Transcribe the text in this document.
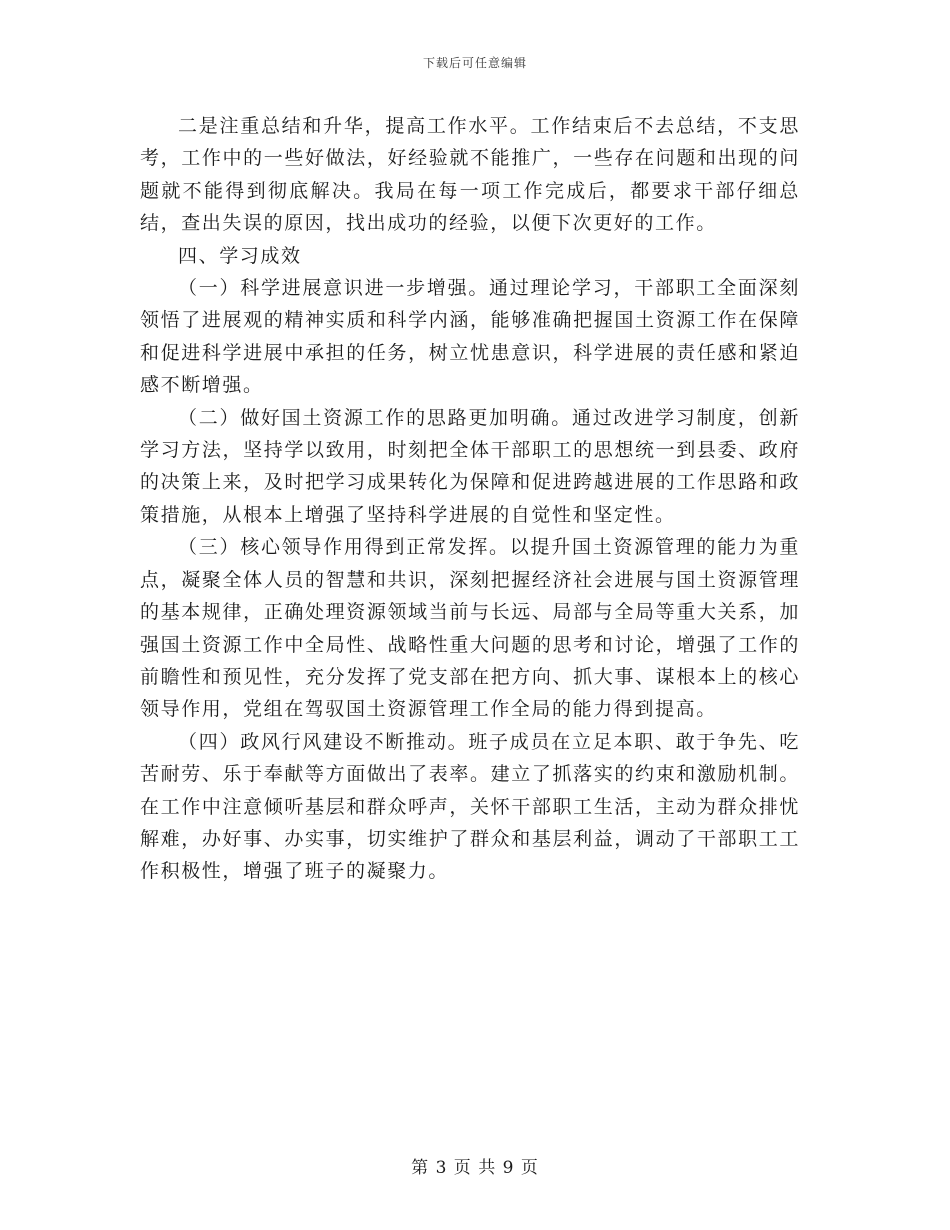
下载后可任意编辑

二是注重总结和升华，提高工作水平。工作结束后不去总结，不支思考，工作中的一些好做法，好经验就不能推广，一些存在问题和出现的问题就不能得到彻底解决。我局在每一项工作完成后，都要求干部仔细总结，查出失误的原因，找出成功的经验，以便下次更好的工作。

四、学习成效

（一）科学进展意识进一步增强。通过理论学习，干部职工全面深刻领悟了进展观的精神实质和科学内涵，能够准确把握国土资源工作在保障和促进科学进展中承担的任务，树立忧患意识，科学进展的责任感和紧迫感不断增强。

（二）做好国土资源工作的思路更加明确。通过改进学习制度，创新学习方法，坚持学以致用，时刻把全体干部职工的思想统一到县委、政府的决策上来，及时把学习成果转化为保障和促进跨越进展的工作思路和政策措施，从根本上增强了坚持科学进展的自觉性和坚定性。

（三）核心领导作用得到正常发挥。以提升国土资源管理的能力为重点，凝聚全体人员的智慧和共识，深刻把握经济社会进展与国土资源管理的基本规律，正确处理资源领域当前与长远、局部与全局等重大关系，加强国土资源工作中全局性、战略性重大问题的思考和讨论，增强了工作的前瞻性和预见性，充分发挥了党支部在把方向、抓大事、谋根本上的核心领导作用，党组在驾驭国土资源管理工作全局的能力得到提高。

（四）政风行风建设不断推动。班子成员在立足本职、敢于争先、吃苦耐劳、乐于奉献等方面做出了表率。建立了抓落实的约束和激励机制。在工作中注意倾听基层和群众呼声，关怀干部职工生活，主动为群众排忧解难，办好事、办实事，切实维护了群众和基层利益，调动了干部职工工作积极性，增强了班子的凝聚力。

第 3 页 共 9 页
